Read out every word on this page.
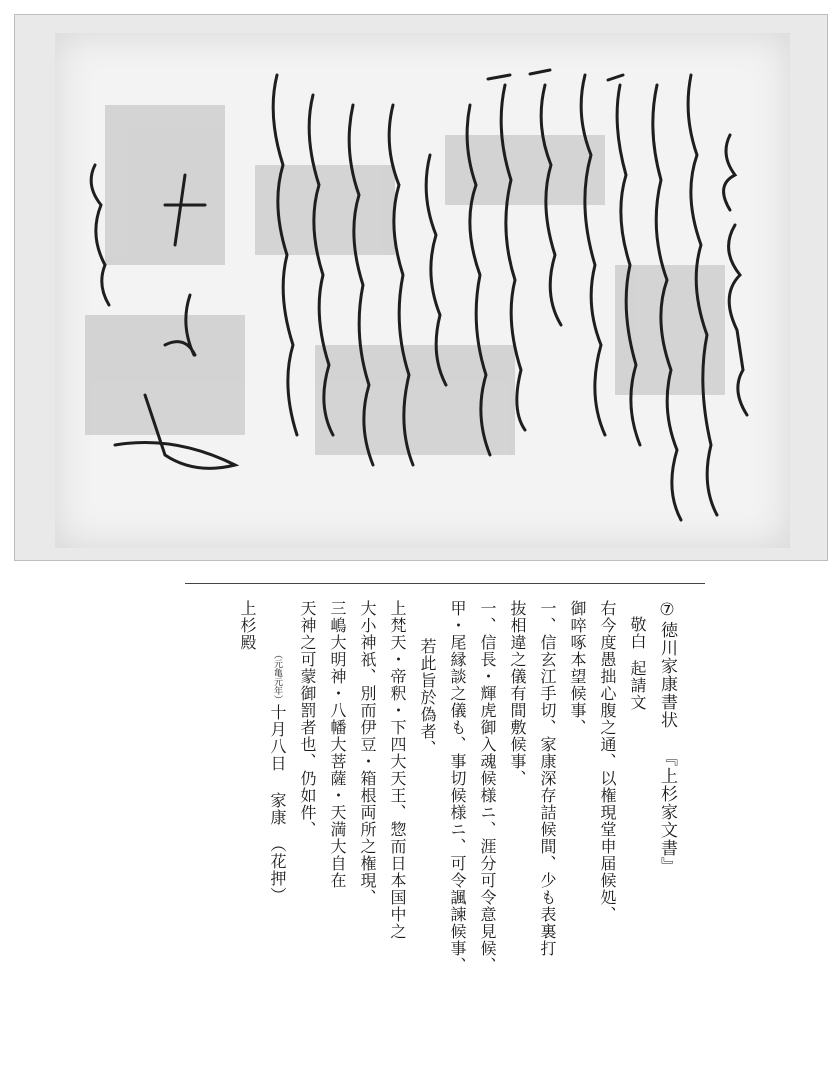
⑦徳川家康書状『上杉家文書』
敬白起請文
右今度愚拙心腹之通、以権現堂申届候処、
御啐啄本望候事、
一、信玄江手切、家康深存詰候間、少も表裏打
抜相違之儀有間敷候事、
一、信長・輝虎御入魂候様ニ、涯分可令意見候、
甲・尾縁談之儀も、事切候様ニ、可令諷諫候事、
若此旨於偽者、
上梵天・帝釈・下四大天王、惣而日本国中之
大小神祇、別而伊豆・箱根両所之権現、
三嶋大明神・八幡大菩薩・天満大自在
天神之可蒙御罰者也、仍如件、
（元亀元年）十月八日家康（花押）
上杉殿
